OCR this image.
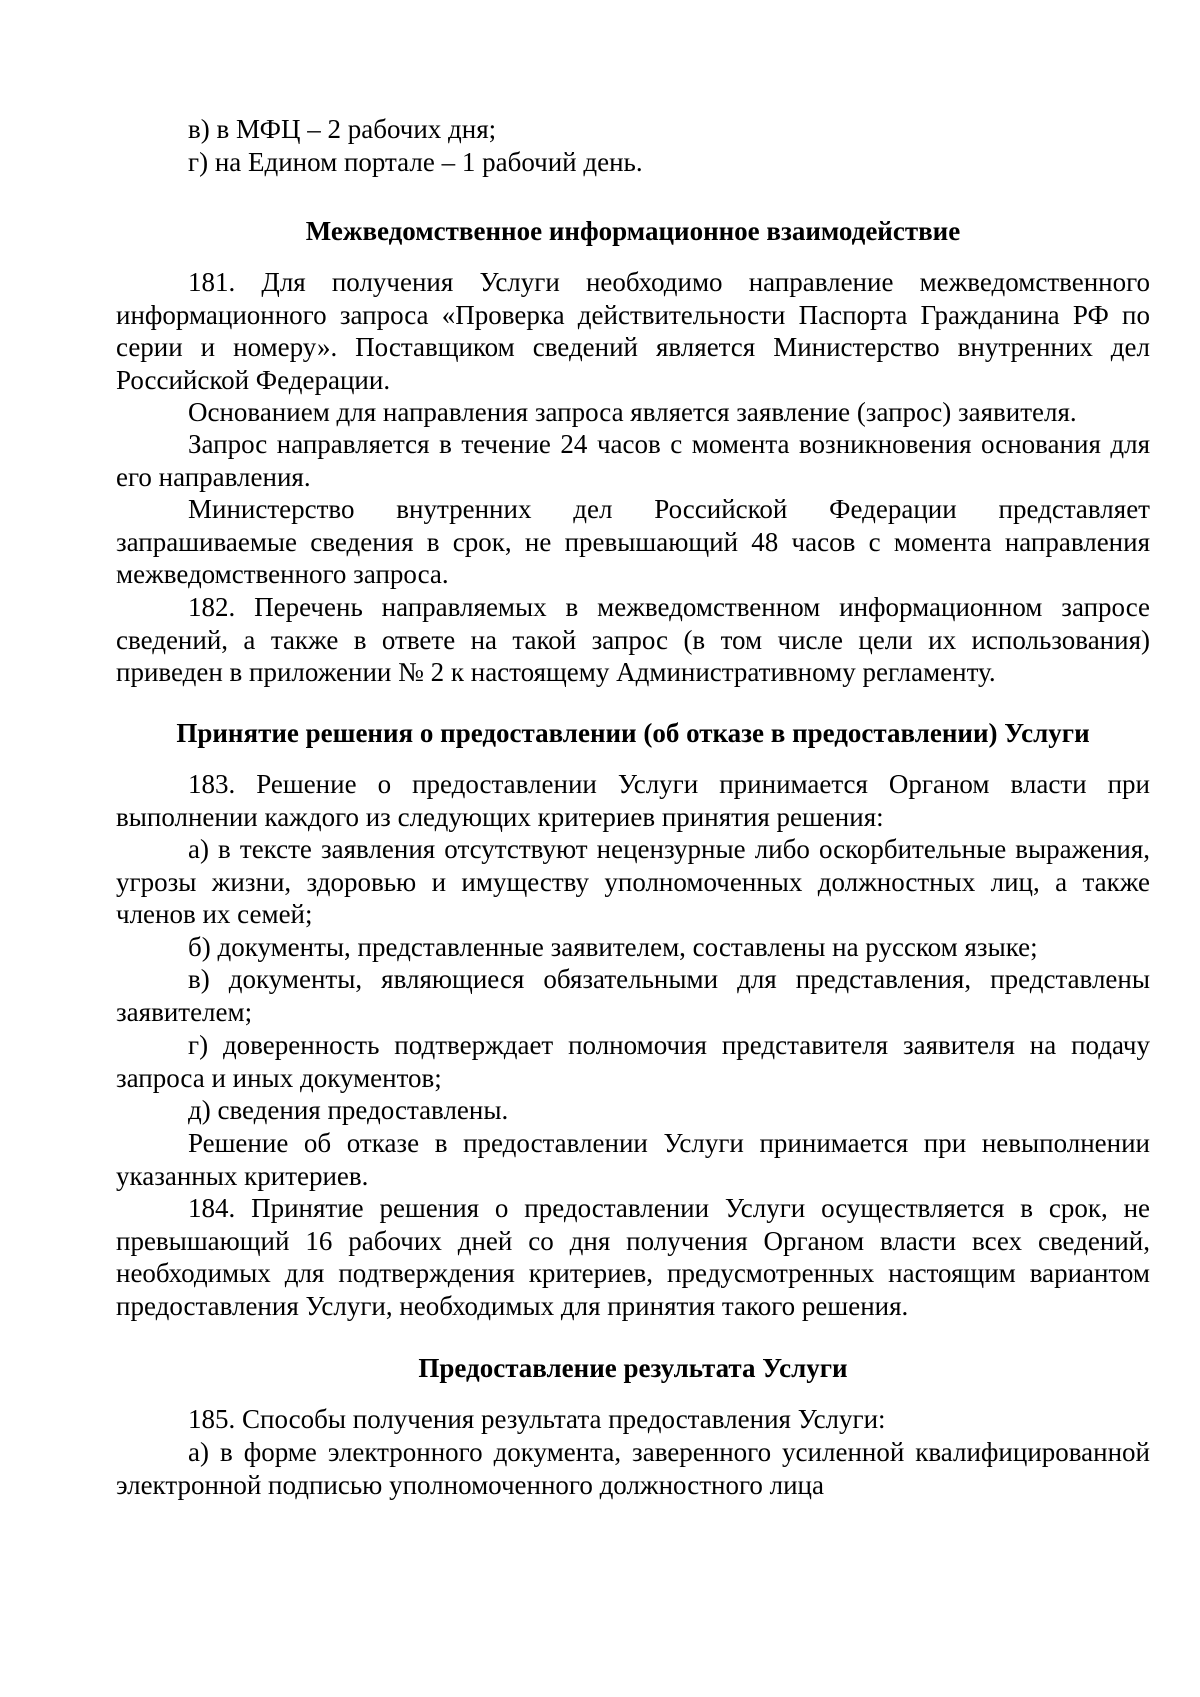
в) в МФЦ – 2 рабочих дня;

г) на Едином портале – 1 рабочий день.

Межведомственное информационное взаимодействие

181. Для получения Услуги необходимо направление межведомственного информационного запроса «Проверка действительности Паспорта Гражданина РФ по серии и номеру». Поставщиком сведений является Министерство внутренних дел Российской Федерации.

Основанием для направления запроса является заявление (запрос) заявителя.

Запрос направляется в течение 24 часов с момента возникновения основания для его направления.

Министерство внутренних дел Российской Федерации представляет запрашиваемые сведения в срок, не превышающий 48 часов с момента направления межведомственного запроса.

182. Перечень направляемых в межведомственном информационном запросе сведений, а также в ответе на такой запрос (в том числе цели их использования) приведен в приложении № 2 к настоящему Административному регламенту.

Принятие решения о предоставлении (об отказе в предоставлении) Услуги

183. Решение о предоставлении Услуги принимается Органом власти при выполнении каждого из следующих критериев принятия решения:

а) в тексте заявления отсутствуют нецензурные либо оскорбительные выражения, угрозы жизни, здоровью и имуществу уполномоченных должностных лиц, а также членов их семей;

б) документы, представленные заявителем, составлены на русском языке;

в) документы, являющиеся обязательными для представления, представлены заявителем;

г) доверенность подтверждает полномочия представителя заявителя на подачу запроса и иных документов;

д) сведения предоставлены.

Решение об отказе в предоставлении Услуги принимается при невыполнении указанных критериев.

184. Принятие решения о предоставлении Услуги осуществляется в срок, не превышающий 16 рабочих дней со дня получения Органом власти всех сведений, необходимых для подтверждения критериев, предусмотренных настоящим вариантом предоставления Услуги, необходимых для принятия такого решения.

Предоставление результата Услуги

185. Способы получения результата предоставления Услуги:

а) в форме электронного документа, заверенного усиленной квалифицированной электронной подписью уполномоченного должностного лица
